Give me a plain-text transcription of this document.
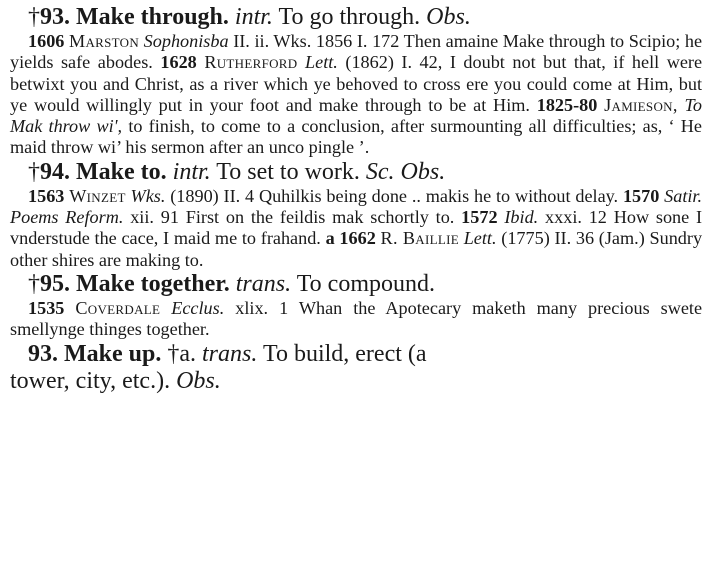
†93. Make through. intr. To go through. Obs.

1606 Marston Sophonisba II. ii. Wks. 1856 I. 172 Then amaine Make through to Scipio; he yields safe abodes. 1628 Rutherford Lett. (1862) I. 42, I doubt not but that, if hell were betwixt you and Christ, as a river which ye behoved to cross ere you could come at Him, but ye would willingly put in your foot and make through to be at Him. 1825-80 Jamieson, To Mak throw wi', to finish, to come to a conclusion, after surmounting all difficulties; as, ‘ He maid throw wi’ his sermon after an unco pingle ’.

†94. Make to. intr. To set to work. Sc. Obs.

1563 Winzet Wks. (1890) II. 4 Quhilkis being done .. makis he to without delay. 1570 Satir. Poems Reform. xii. 91 First on the feildis mak schortly to. 1572 Ibid. xxxi. 12 How sone I vnderstude the cace, I maid me to frahand. a 1662 R. Baillie Lett. (1775) II. 36 (Jam.) Sundry other shires are making to.

†95. Make together. trans. To compound.

1535 Coverdale Ecclus. xlix. 1 Whan the Apotecary maketh many precious swete smellynge thinges together.

93. Make up. †a. trans. To build, erect (a
tower, city, etc.). Obs.
